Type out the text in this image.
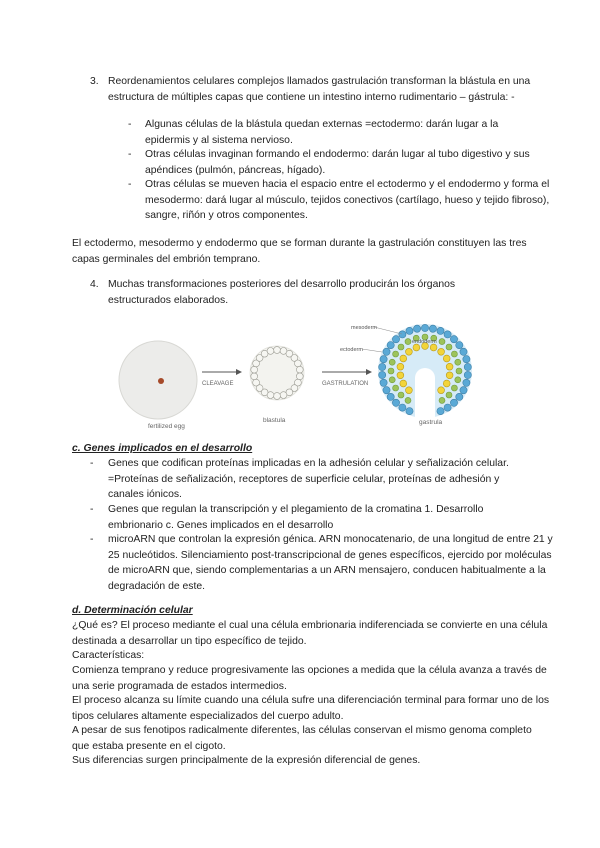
3. Reordenamientos celulares complejos llamados gastrulación transforman la blástula en una estructura de múltiples capas que contiene un intestino interno rudimentario – gástrula: -

- Algunas células de la blástula quedan externas =ectodermo: darán lugar a la epidermis y al sistema nervioso.

- Otras células invaginan formando el endodermo: darán lugar al tubo digestivo y sus apéndices (pulmón, páncreas, hígado).

- Otras células se mueven hacia el espacio entre el ectodermo y el endodermo y forma el mesodermo: dará lugar al músculo, tejidos conectivos (cartílago, hueso y tejido fibroso), sangre, riñón y otros componentes.

El ectodermo, mesodermo y endodermo que se forman durante la gastrulación constituyen las tres capas germinales del embrión temprano.

4. Muchas transformaciones posteriores del desarrollo producirán los órganos estructurados elaborados.

fertilized egg
CLEAVAGE
blastula
GASTRULATION
mesoderm
ectoderm
endoderm
gastrula

c. Genes implicados en el desarrollo

- Genes que codifican proteínas implicadas en la adhesión celular y señalización celular. =Proteínas de señalización, receptores de superficie celular, proteínas de adhesión y canales iónicos.

- Genes que regulan la transcripción y el plegamiento de la cromatina 1. Desarrollo embrionario c. Genes implicados en el desarrollo

- microARN que controlan la expresión génica. ARN monocatenario, de una longitud de entre 21 y 25 nucleótidos. Silenciamiento post-transcripcional de genes específicos, ejercido por moléculas de microARN que, siendo complementarias a un ARN mensajero, conducen habitualmente a la degradación de este.

d. Determinación celular

¿Qué es? El proceso mediante el cual una célula embrionaria indiferenciada se convierte en una célula destinada a desarrollar un tipo específico de tejido.

Características:

Comienza temprano y reduce progresivamente las opciones a medida que la célula avanza a través de una serie programada de estados intermedios.

El proceso alcanza su límite cuando una célula sufre una diferenciación terminal para formar uno de los tipos celulares altamente especializados del cuerpo adulto.

A pesar de sus fenotipos radicalmente diferentes, las células conservan el mismo genoma completo que estaba presente en el cigoto.

Sus diferencias surgen principalmente de la expresión diferencial de genes.
